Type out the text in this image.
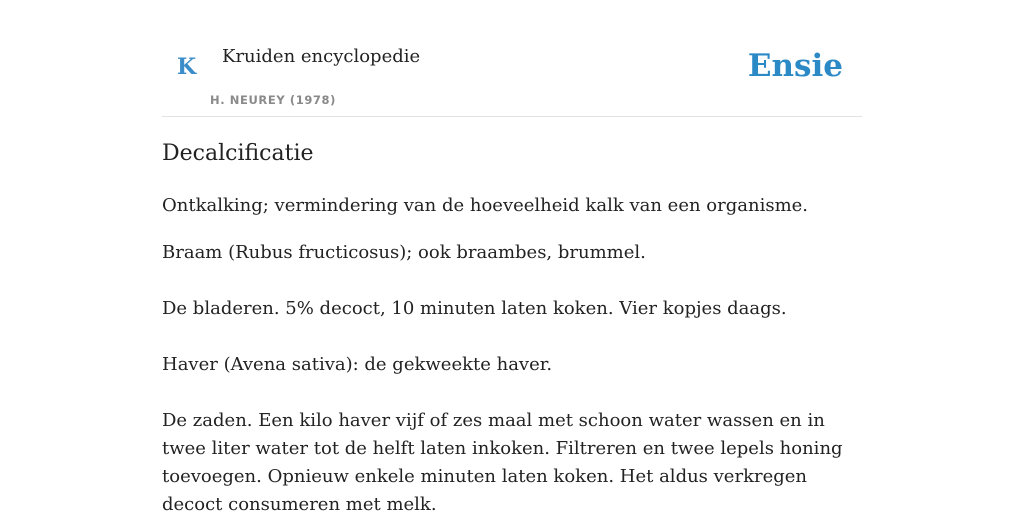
K Kruiden encyclopedie
H. NEUREY (1978)
Ensie
Decalcificatie

Ontkalking; vermindering van de hoeveelheid kalk van een organisme.

Braam (Rubus fructicosus); ook braambes, brummel.

De bladeren. 5% decoct, 10 minuten laten koken. Vier kopjes daags.

Haver (Avena sativa): de gekweekte haver.

De zaden. Een kilo haver vijf of zes maal met schoon water wassen en in twee liter water tot de helft laten inkoken. Filtreren en twee lepels honing toevoegen. Opnieuw enkele minuten laten koken. Het aldus verkregen decoct consumeren met melk.
